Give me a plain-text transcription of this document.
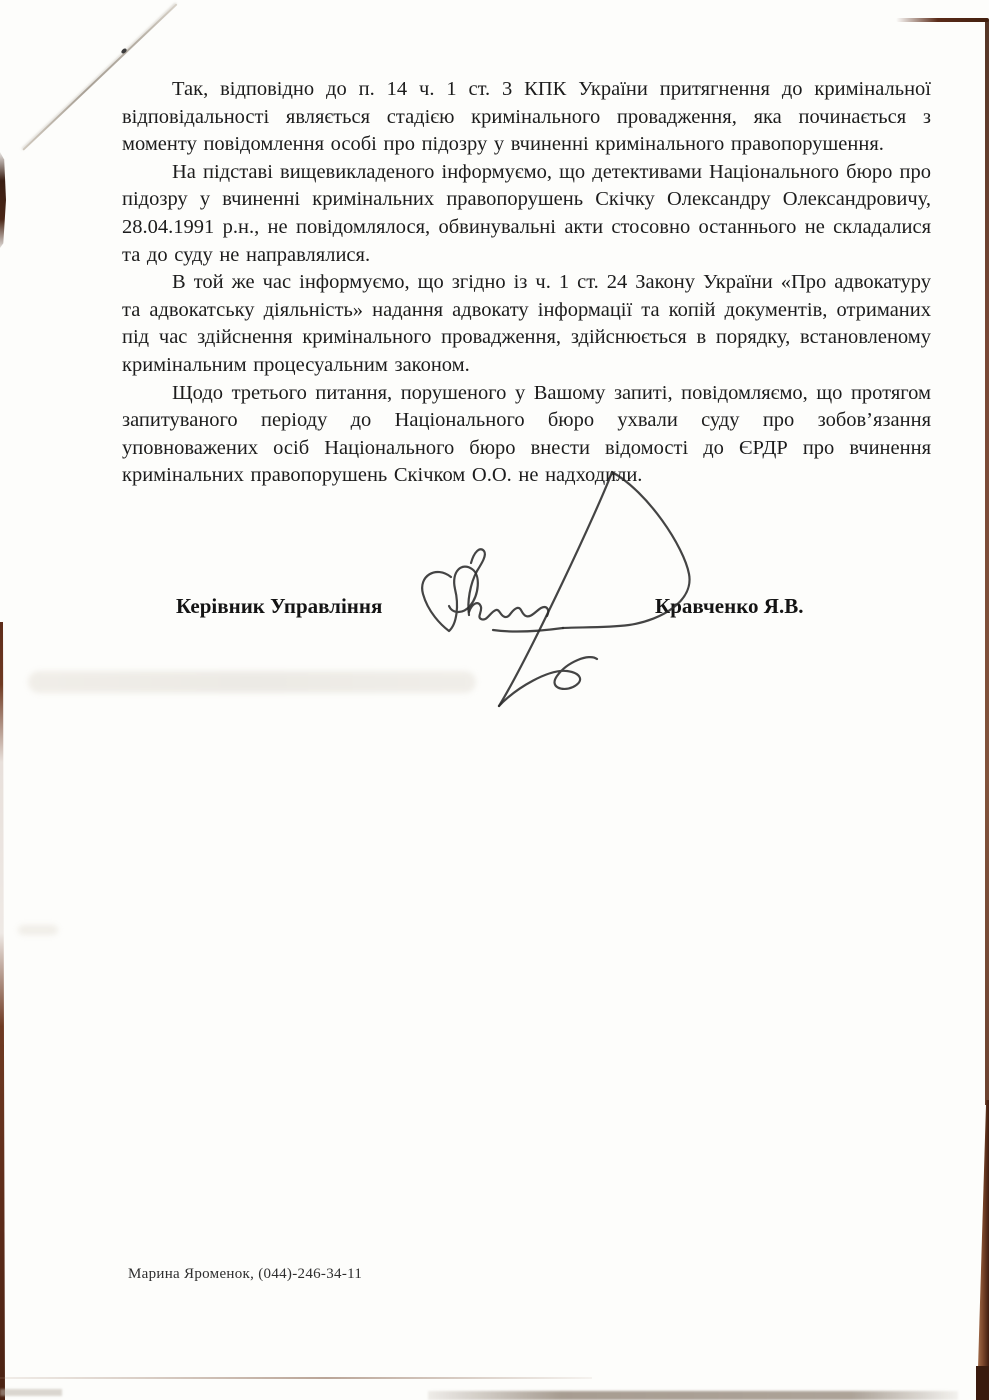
Так, відповідно до п. 14 ч. 1 ст. 3 КПК України притягнення до кримінальної відповідальності являється стадією кримінального провадження, яка починається з моменту повідомлення особі про підозру у вчиненні кримінального правопорушення.

На підставі вищевикладеного інформуємо, що детективами Національного бюро про підозру у вчиненні кримінальних правопорушень Скічку Олександру Олександровичу, 28.04.1991 р.н., не повідомлялося, обвинувальні акти стосовно останнього не складалися та до суду не направлялися.

В той же час інформуємо, що згідно із ч. 1 ст. 24 Закону України «Про адвокатуру та адвокатську діяльність» надання адвокату інформації та копій документів, отриманих під час здійснення кримінального провадження, здійснюється в порядку, встановленому кримінальним процесуальним законом.

Щодо третього питання, порушеного у Вашому запиті, повідомляємо, що протягом запитуваного періоду до Національного бюро ухвали суду про зобов’язання уповноважених осіб Національного бюро внести відомості до ЄРДР про вчинення кримінальних правопорушень Скічком О.О. не надходили.

Керівник Управління	Кравченко Я.В.
Марина Яроменок, (044)-246-34-11
